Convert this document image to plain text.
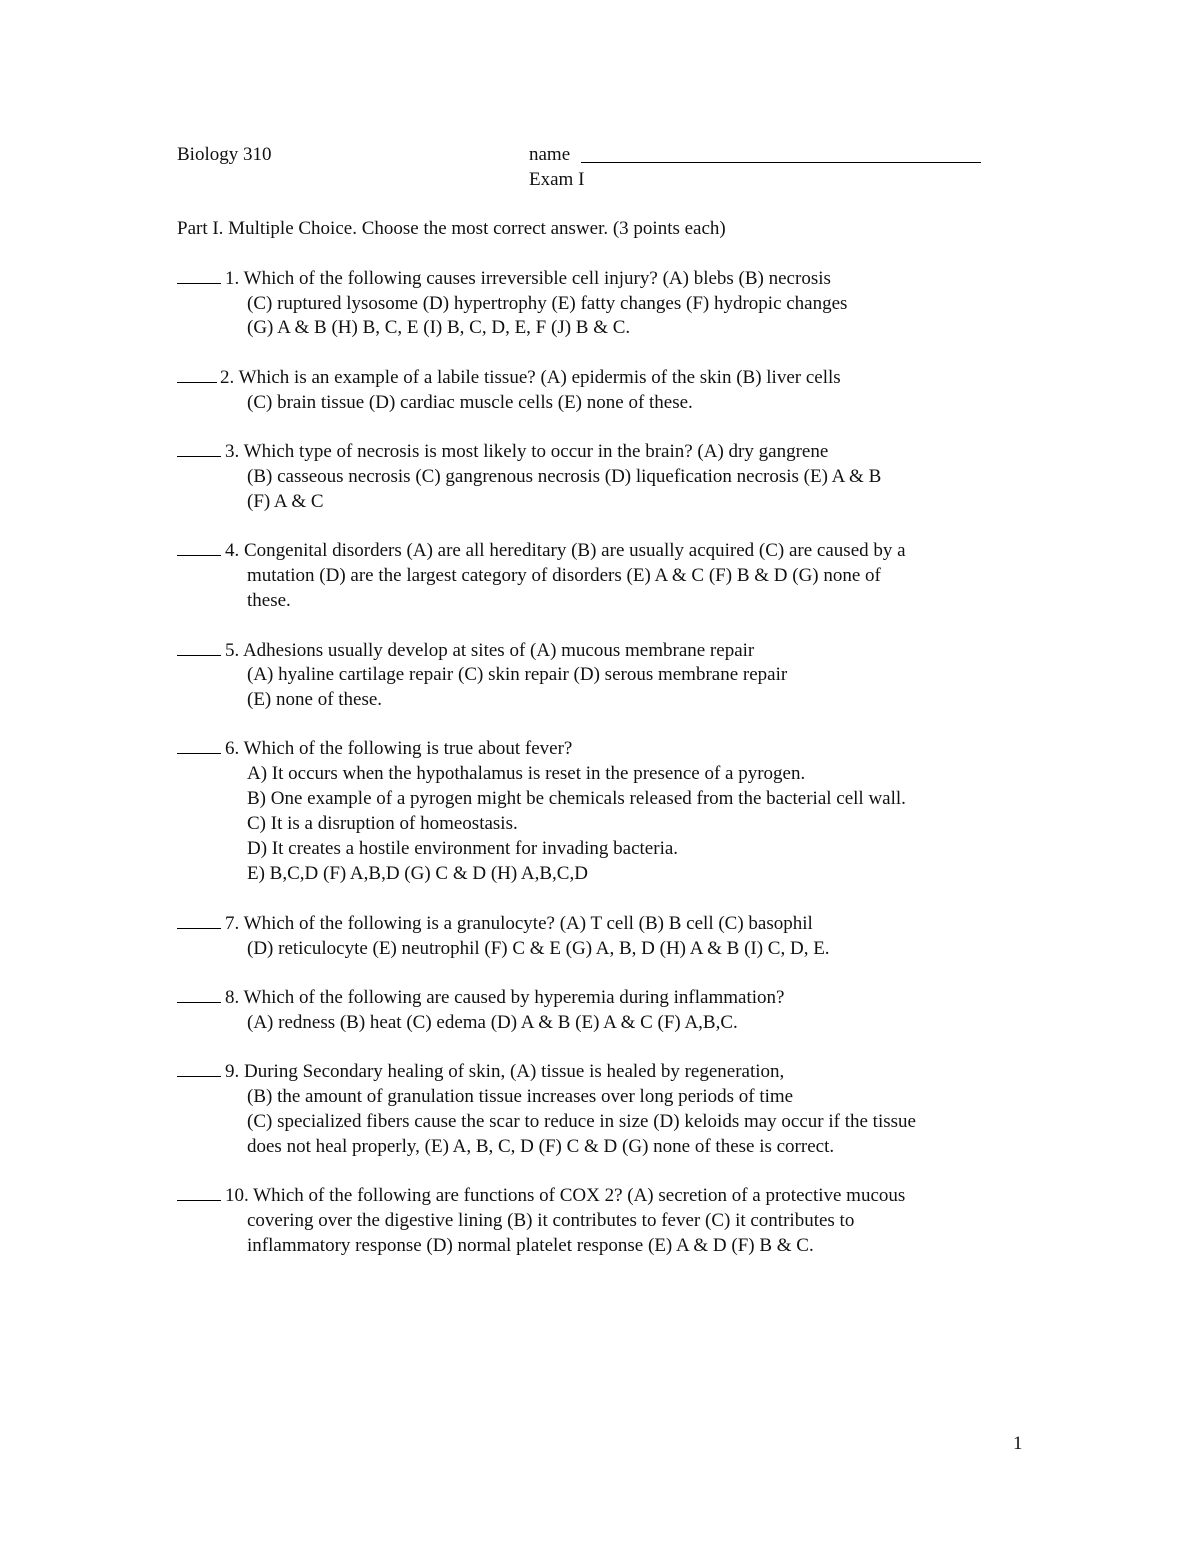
Biology 310	name
Exam I
Part I. Multiple Choice. Choose the most correct answer. (3 points each)
1. Which of the following causes irreversible cell injury? (A) blebs (B) necrosis
(C) ruptured lysosome (D) hypertrophy (E) fatty changes (F) hydropic changes
(G) A & B (H) B, C, E (I) B, C, D, E, F (J) B & C.
2. Which is an example of a labile tissue? (A) epidermis of the skin (B) liver cells
(C) brain tissue (D) cardiac muscle cells (E) none of these.
3. Which type of necrosis is most likely to occur in the brain? (A) dry gangrene
(B) casseous necrosis (C) gangrenous necrosis (D) liquefication necrosis (E) A & B
(F) A & C
4. Congenital disorders (A) are all hereditary (B) are usually acquired (C) are caused by a
mutation (D) are the largest category of disorders (E) A & C (F) B & D (G) none of
these.
5. Adhesions usually develop at sites of (A) mucous membrane repair
(A) hyaline cartilage repair (C) skin repair (D) serous membrane repair
(E) none of these.
6. Which of the following is true about fever?
A) It occurs when the hypothalamus is reset in the presence of a pyrogen.
B) One example of a pyrogen might be chemicals released from the bacterial cell wall.
C) It is a disruption of homeostasis.
D) It creates a hostile environment for invading bacteria.
E) B,C,D (F) A,B,D (G) C & D (H) A,B,C,D
7. Which of the following is a granulocyte? (A) T cell (B) B cell (C) basophil
(D) reticulocyte (E) neutrophil (F) C & E (G) A, B, D (H) A & B (I) C, D, E.
8. Which of the following are caused by hyperemia during inflammation?
(A) redness (B) heat (C) edema (D) A & B (E) A & C (F) A,B,C.
9. During Secondary healing of skin, (A) tissue is healed by regeneration,
(B) the amount of granulation tissue increases over long periods of time
(C) specialized fibers cause the scar to reduce in size (D) keloids may occur if the tissue
does not heal properly, (E) A, B, C, D (F) C & D (G) none of these is correct.
10. Which of the following are functions of COX 2? (A) secretion of a protective mucous
covering over the digestive lining (B) it contributes to fever (C) it contributes to
inflammatory response (D) normal platelet response (E) A & D (F) B & C.
1
